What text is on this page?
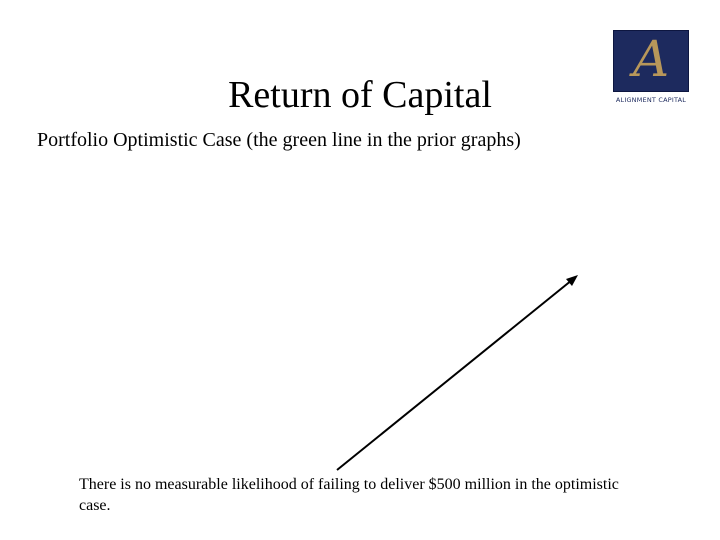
Return of Capital
A
ALIGNMENT CAPITAL
Portfolio Optimistic Case (the green line in the prior graphs)
There is no measurable likelihood of failing to deliver $500 million in the optimistic case.
